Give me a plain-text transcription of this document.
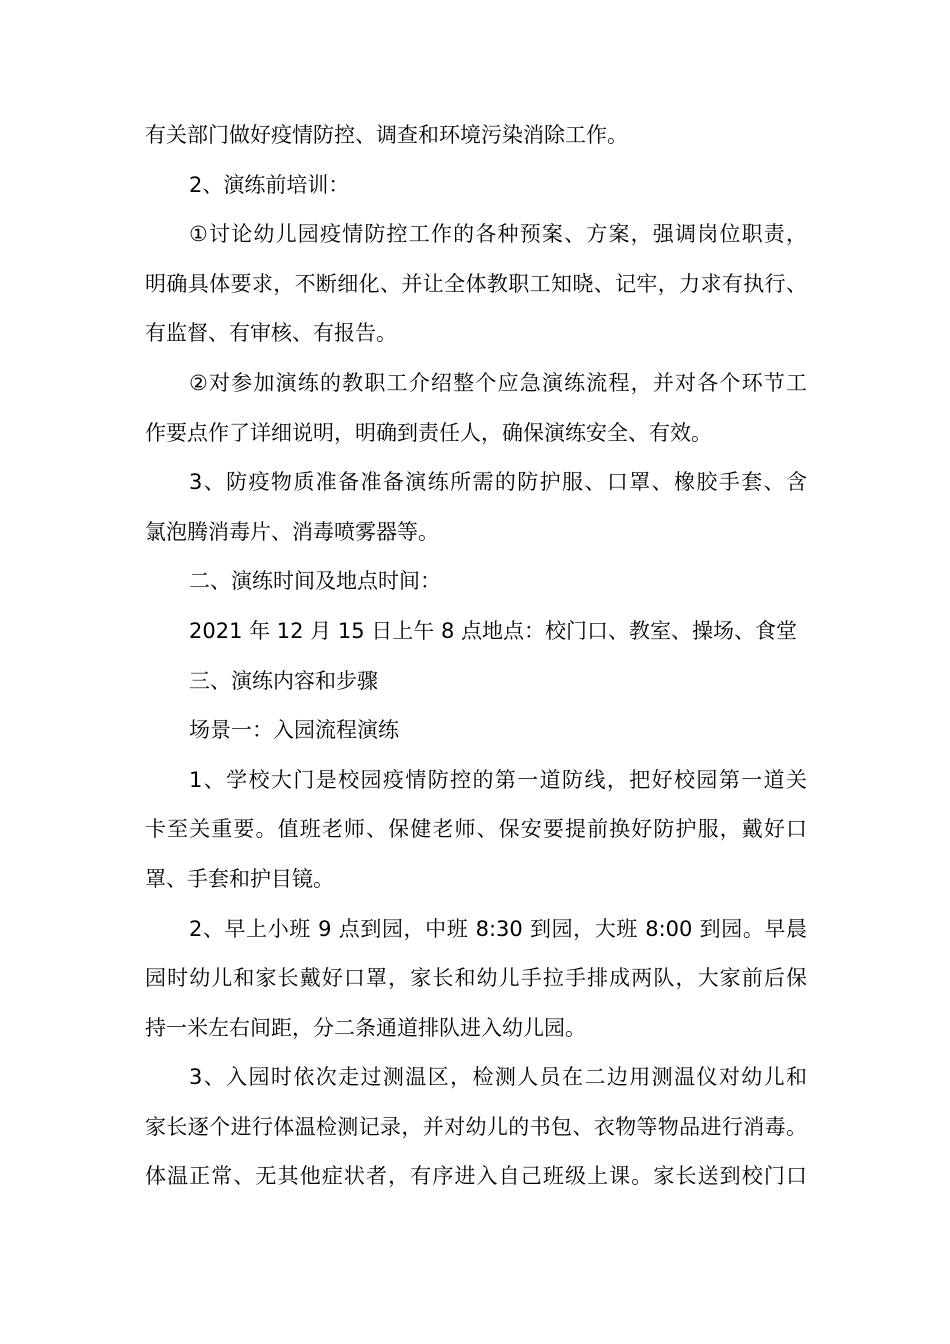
有关部门做好疫情防控、调查和环境污染消除工作。
2、演练前培训：
①讨论幼儿园疫情防控工作的各种预案、方案，强调岗位职责，
明确具体要求，不断细化、并让全体教职工知晓、记牢，力求有执行、
有监督、有审核、有报告。
②对参加演练的教职工介绍整个应急演练流程，并对各个环节工
作要点作了详细说明，明确到责任人，确保演练安全、有效。
3、防疫物质准备准备演练所需的防护服、口罩、橡胶手套、含
氯泡腾消毒片、消毒喷雾器等。
二、演练时间及地点时间：
2021 年 12 月 15 日上午 8 点地点：校门口、教室、操场、食堂
三、演练内容和步骤
场景一：入园流程演练
1、学校大门是校园疫情防控的第一道防线，把好校园第一道关
卡至关重要。值班老师、保健老师、保安要提前换好防护服，戴好口
罩、手套和护目镜。
2、早上小班 9 点到园，中班 8:30 到园，大班 8:00 到园。早晨
园时幼儿和家长戴好口罩，家长和幼儿手拉手排成两队，大家前后保
持一米左右间距，分二条通道排队进入幼儿园。
3、入园时依次走过测温区，检测人员在二边用测温仪对幼儿和
家长逐个进行体温检测记录，并对幼儿的书包、衣物等物品进行消毒。
体温正常、无其他症状者，有序进入自己班级上课。家长送到校门口
